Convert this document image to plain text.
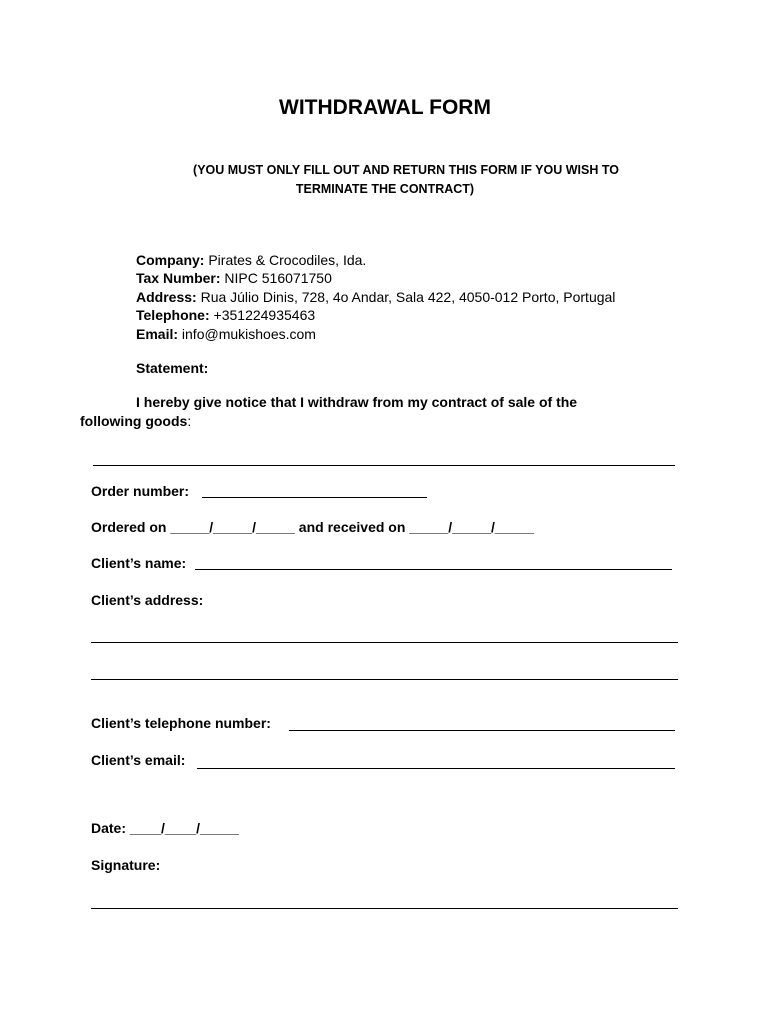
WITHDRAWAL FORM
(YOU MUST ONLY FILL OUT AND RETURN THIS FORM IF YOU WISH TO
TERMINATE THE CONTRACT)
Company: Pirates & Crocodiles, Ida.
Tax Number: NIPC 516071750
Address: Rua Júlio Dinis, 728, 4o Andar, Sala 422, 4050-012 Porto, Portugal
Telephone: +351224935463
Email: info@mukishoes.com
Statement:
I hereby give notice that I withdraw from my contract of sale of the
following goods:
Order number:
Ordered on _____/_____/_____ and received on _____/_____/_____
Client’s name:
Client’s address:
Client’s telephone number:
Client’s email:
Date: ____/____/_____
Signature:
